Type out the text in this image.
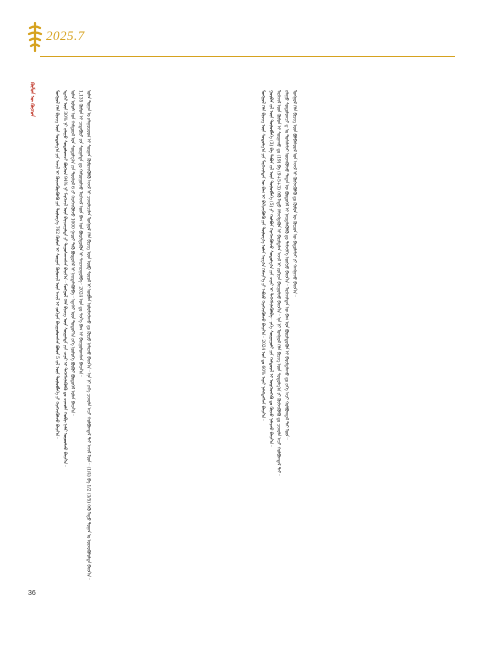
2025.7
ᠬᠦᠮᠦᠨ ᠦ ᠬᠦᠴᠦᠨ	ᠮᠣᠩᠭᠣᠯ ᠬᠡᠯᠡ ᠪᠢᠴᠢᠭ ᠦᠨ ᠰᠤᠳᠤᠯᠭ᠎ᠠ ᠶᠢᠨ ᠠᠵᠢᠯ ᠢ ᠭᠦᠨᠵᠡᠭᠦᠷᠡᠭᠦᠯᠬᠦ ᠶᠢᠨ ᠲᠥᠯᠥᠭ᠎ᠡ 762 ᠬᠦᠮᠦᠨ ᠢ ᠰᠤᠷᠭᠠᠨ ᠬᠦᠮᠦᠵᠢᠯ ᠦᠨ ᠠᠵᠢᠯ ᠢ ᠵᠣᠬᠢᠶᠠᠨ ᠪᠠᠢᠭᠤᠯᠤᠭᠰᠠᠨ ᠪᠣᠯᠤᠨ 5 ᠵᠢᠯ ᠦᠨ ᠲᠥᠯᠥᠪᠯᠡᠭᠡ ᠶᠢ ᠬᠡᠷᠡᠭᠵᠢᠭᠦᠯᠵᠦ ᠪᠠᠢᠨ᠎ᠠ᠃ ᠡᠳᠡᠭᠡᠷ ᠦᠨ 30% ᠨᠢ ᠵᠠᠯᠠᠭᠤ ᠰᠤᠳᠤᠯᠤᠭᠴᠢ ᠪᠥᠭᠡᠳ 94% ᠨᠢ ᠮᠡᠷᠭᠡᠵᠢᠯ ᠦᠨ ᠪᠠᠶᠢᠴᠠᠭᠠᠯᠲᠠ ᠶᠢ ᠳᠠᠭᠤᠰᠬᠠᠭᠰᠠᠨ ᠪᠠᠢᠨ᠎ᠠ᠃ ᠮᠣᠩᠭᠣᠯ ᠬᠡᠯᠡ ᠪᠢᠴᠢᠭ ᠦᠨ ᠰᠤᠷᠭᠠᠯᠲᠠ ᠶᠢᠨ ᠴᠢᠨᠠᠷ ᠢ ᠳᠡᠭᠡᠭᠰᠢᠯᠡᠭᠦᠯᠬᠦ ᠳᠤ ᠴᠢᠬᠤᠯᠠ ᠬᠤᠪᠢ ᠨᠡᠮᠡᠷ ᠣᠷᠤᠤᠯᠵᠤ ᠪᠠᠢᠨ᠎ᠠ᠃ ᠣᠯᠠᠨ ᠤᠯᠤᠰ ᠤᠨ ᠬᠠᠮᠲᠤᠷᠠᠯ ᠤᠨ ᠰᠤᠳᠤᠯᠭ᠎ᠠ ᠶᠢᠨ ᠲᠥᠰᠥᠯ 6 ᠶᠢ ᠬᠡᠷᠡᠭᠵᠢᠭᠦᠯᠵᠦ 1000 ᠭᠠᠷᠤᠢ ᠲᠡᠬᠦ ᠪᠦᠲᠦᠭᠡᠯ ᠢ ᠨᠡᠢᠲᠡᠯᠡᠭᠦᠯᠪᠡ᠃ ᠡᠳᠡᠭᠡᠷ ᠦᠨ ᠳᠣᠲᠣᠷ᠎ᠠ ᠶᠡᠬᠡ ᠨᠥᠯᠦᠭᠡ ᠪᠦᠬᠦᠢ ᠪᠦᠲᠦᠭᠡᠯ ᠣᠯᠠᠨ ᠪᠠᠢᠨ᠎ᠠ᠃ 1,135 ᠬᠦᠮᠦᠨ ᠢ ᠴᠢᠳᠠᠪᠤᠷᠢ ᠶᠢᠨ ᠰᠤᠷᠭᠠᠯᠲᠠ ᠳᠤ ᠬᠠᠮᠷᠤᠭᠤᠯᠵᠤ ᠮᠡᠷᠭᠡᠵᠢᠯ ᠦᠨ ᠪᠠᠭ ᠤᠨ ᠪᠦᠷᠢᠯᠳᠦᠭᠦᠨ ᠢ ᠰᠠᠢᠵᠢᠷᠠᠭᠤᠯᠪᠠ᠃ 2024 ᠣᠨ ᠳᠤ ᠰᠢᠨ᠎ᠡ ᠪᠠᠭ ᠢ ᠪᠠᠢᠭᠤᠯᠤᠭᠰᠠᠨ ᠪᠠᠢᠨ᠎ᠠ᠃ ᠣᠯᠠᠨ ᠲᠣᠭᠠᠨ ᠤ ᠵᠠᠯᠠᠭᠤᠴᠤᠳ ᠢ ᠰᠤᠷᠭᠠᠨ ᠬᠦᠮᠦᠵᠢᠭᠦᠯᠬᠦ ᠠᠵᠢᠯ ᠢ ᠴᠢᠬᠤᠯᠠᠴᠢᠯᠠᠨ ᠮᠣᠩᠭᠣᠯ ᠬᠡᠯᠡ ᠪᠢᠴᠢᠭ ᠦᠨ ᠥᠪ ᠰᠤᠶᠤᠯ ᠢ ᠥᠪᠯᠡᠨ ᠤᠯᠤᠮᠵᠢᠯᠠᠬᠤ ᠳᠤ ᠬᠦᠴᠦ ᠨᠡᠮᠡᠷᠵᠦ ᠪᠠᠢᠨ᠎ᠠ᠃ ᠡᠨᠡ ᠨᠢ ᠶᠡᠬᠡ ᠴᠢᠬᠤᠯᠠ ᠠᠴᠢ ᠬᠣᠯᠪᠣᠭᠳᠠᠯ ᠲᠠᠢ ᠠᠵᠢᠯ ᠮᠥᠨ᠃ (1/4) ᠪᠠ 1/2 (3/5) ᠭᠡᠬᠦ ᠮᠡᠲᠦ ᠲᠣᠭᠠᠨ ᠤ ᠦᠵᠦᠭᠦᠯᠦᠯᠲᠡ ᠪᠠᠢᠨ᠎ᠠ᠃	ᠮᠣᠩᠭᠣᠯ ᠬᠡᠯᠡ ᠪᠢᠴᠢᠭ ᠦᠨ ᠰᠤᠳᠤᠯᠭ᠎ᠠ ᠶᠢᠨ ᠮᠡᠷᠭᠡᠵᠢᠯᠲᠡᠨ ᠦ ᠪᠠᠭ ᠢ ᠪᠡᠬᠢᠵᠢᠭᠦᠯᠬᠦ ᠶᠢᠨ ᠲᠥᠯᠥᠭ᠎ᠡ ᠣᠯᠠᠨ ᠠᠷᠭ᠎ᠠ ᠬᠡᠮᠵᠢᠶ᠎ᠡ ᠶᠢ ᠠᠪᠴᠤ ᠬᠡᠷᠡᠭᠵᠢᠭᠦᠯᠵᠦ ᠪᠠᠢᠨ᠎ᠠ᠃ 2024 ᠣᠨ ᠳᠤ 60% ᠢᠶᠠᠷ ᠨᠡᠮᠡᠭᠳᠡᠭᠰᠡᠨ ᠪᠠᠢᠨ᠎ᠠ᠃ ᠭᠤᠷᠪᠠᠨ ᠵᠢᠯ ᠦᠨ ᠲᠥᠯᠥᠪᠯᠡᠭᠡ (3) ᠪᠠ ᠲᠠᠪᠤᠨ ᠵᠢᠯ ᠦᠨ ᠲᠥᠯᠥᠪᠯᠡᠭᠡ (5) ᠶᠢ ᠬᠣᠯᠪᠣᠨ ᠬᠡᠷᠡᠭᠵᠢᠭᠦᠯᠵᠦ ᠰᠤᠳᠤᠯᠭ᠎ᠠ ᠶᠢᠨ ᠴᠢᠨᠠᠷ ᠢ ᠳᠡᠭᠡᠭᠰᠢᠯᠡᠭᠦᠯᠪᠡ᠃ ᠶᠡᠬᠡ ᠰᠤᠷᠭᠠᠭᠤᠯᠢ ᠶᠢᠨ ᠬᠠᠮᠲᠤᠷᠠᠯ ᠢ ᠥᠷᠭᠡᠳᠬᠡᠬᠦ ᠳᠤ ᠬᠦᠴᠦ ᠨᠡᠮᠡᠷᠵᠦ ᠪᠠᠢᠨ᠎ᠠ᠃ ᠮᠡᠷᠭᠡᠵᠢᠯ ᠦᠨ ᠬᠦᠮᠦᠨ ᠢ ᠰᠤᠷᠭᠠᠬᠤ ᠳᠤ (19) ᠪᠠ (9+5+3) ᠭᠡᠬᠦ ᠮᠡᠲᠦ ᠬᠡᠮᠵᠢᠭᠳᠡᠬᠦᠨ ᠢ ᠪᠠᠷᠢᠮᠲᠠᠯᠠᠨ ᠠᠵᠢᠯ ᠢ ᠵᠣᠬᠢᠶᠠᠨ ᠪᠠᠢᠭᠤᠯᠵᠤ ᠪᠠᠢᠨ᠎ᠠ᠃ ᠡᠨᠡ ᠨᠢ ᠮᠣᠩᠭᠣᠯ ᠬᠡᠯᠡ ᠪᠢᠴᠢᠭ ᠦᠨ ᠰᠤᠳᠤᠯᠭ᠎ᠠ ᠶᠢ ᠬᠥᠭᠵᠢᠭᠦᠯᠬᠦ ᠳᠤ ᠴᠢᠬᠤᠯᠠ ᠠᠴᠢ ᠬᠣᠯᠪᠣᠭᠳᠠᠯ ᠲᠠᠢ᠃ ᠵᠠᠯᠠᠭᠤ ᠰᠤᠳᠤᠯᠤᠭᠴᠢ ᠳ ᠤ ᠲᠤᠰᠠᠯᠠᠮᠵᠢ ᠦᠵᠡᠭᠦᠯᠵᠦ ᠲᠡᠳᠡᠨ ᠦ ᠪᠦᠲᠦᠭᠡᠯ ᠢ ᠨᠡᠢᠲᠡᠯᠡᠭᠦᠯᠬᠦ ᠳᠤ ᠳᠡᠮᠵᠢᠯᠭᠡ ᠥᠭᠴᠦ ᠪᠠᠢᠨ᠎ᠠ᠃ ᠮᠡᠷᠭᠡᠵᠢᠯᠲᠡᠨ ᠦ ᠪᠠᠭ ᠤᠨ ᠪᠦᠷᠢᠯᠳᠦᠭᠦᠨ ᠢ ᠪᠠᠷᠢᠮᠲᠠᠯᠠᠬᠤ ᠳᠤ ᠶᠡᠬᠡ ᠠᠴᠢ ᠬᠣᠯᠪᠣᠭᠳᠠᠯ ᠲᠠᠢ ᠮᠥᠨ᠃ ᠮᠣᠩᠭᠣᠯ ᠬᠡᠯᠡ ᠪᠢᠴᠢᠭ ᠦᠨ ᠪᠣᠯᠪᠠᠰᠤᠷᠠᠯ ᠤᠨ ᠠᠵᠢᠯ ᠢ ᠬᠥᠭᠵᠢᠭᠦᠯᠬᠦ ᠳᠤ ᠬᠦᠮᠦᠨ ᠦ ᠬᠦᠴᠦᠨ ᠦ ᠪᠠᠲᠤᠯᠠᠮᠵᠢ ᠶᠢ ᠬᠠᠩᠭᠠᠵᠤ ᠪᠠᠢᠨ᠎ᠠ᠃

36
